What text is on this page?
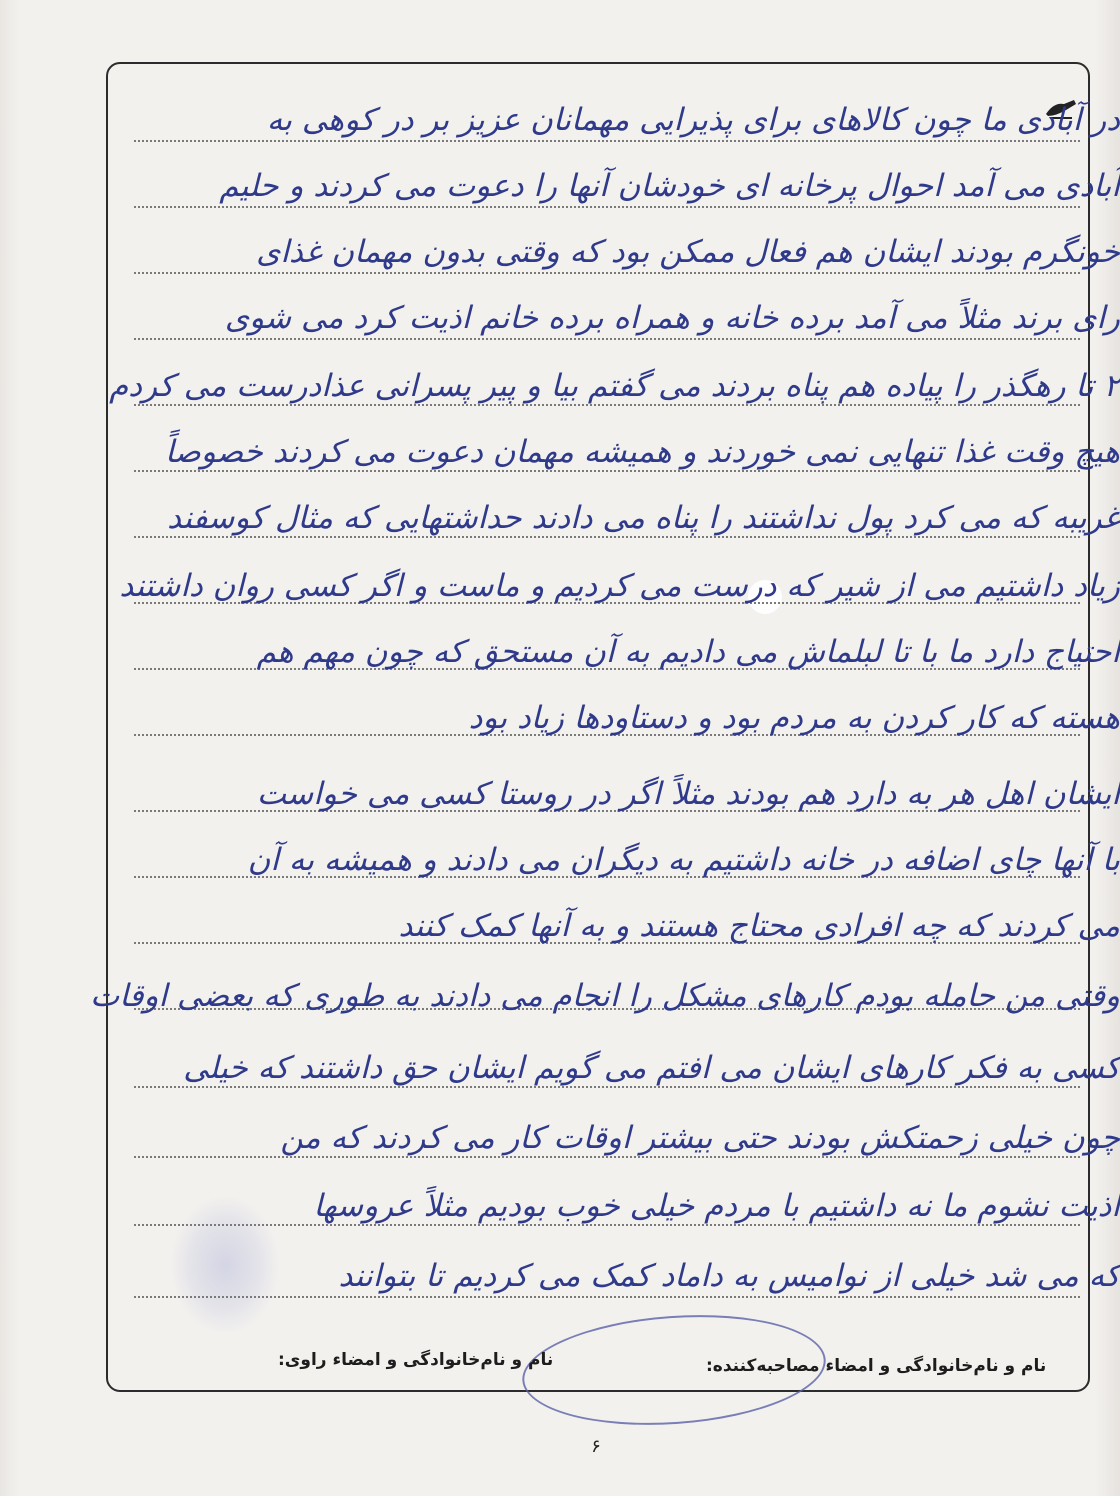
در آبادی ما چون کالاهای برای پذیرایی مهمانان عزیز بر در کوهی به
آبادی می آمد احوال پرخانه ای خودشان آنها را دعوت می کردند و حلیم
خونگرم بودند ایشان هم فعال ممکن بود که وقتی بدون مهمان غذای
رای برند مثلاً می آمد برده خانه و همراه برده خانم اذیت کرد می شوی
۲ تا رهگذر را پیاده هم پناه بردند می گفتم بیا و پیر پسرانی عذادرست می کردم
هیچ وقت غذا تنهایی نمی خوردند و همیشه مهمان دعوت می کردند خصوصاً
غریبه که می کرد پول نداشتند را پناه می دادند حداشتهایی که مثال کوسفند
زیاد داشتیم می از شیر که درست می کردیم و ماست و اگر کسی روان داشتند
احتیاج دارد ما با تا لبلماش می دادیم به آن مستحق که چون مهم هم
هسته که کار کردن به مردم بود و دستاودها زیاد بود
ایشان اهل هر به دارد هم بودند مثلاً اگر در روستا کسی می خواست
با آنها چای اضافه در خانه داشتیم به دیگران می دادند و همیشه به آن
می کردند که چه افرادی محتاج هستند و به آنها کمک کنند
وقتی من حامله بودم کارهای مشکل را انجام می دادند به طوری که بعضی اوقات
کسی به فکر کارهای ایشان می افتم می گویم ایشان حق داشتند که خیلی
چون خیلی زحمتکش بودند حتی بیشتر اوقات کار می کردند که من
اذیت نشوم ما نه داشتیم با مردم خیلی خوب بودیم مثلاً عروسها
که می شد خیلی از نوامیس به داماد کمک می کردیم تا بتوانند
نام و نام‌خانوادگی و امضاء مصاحبه‌کننده:
نام و نام‌خانوادگی و امضاء راوی:
۶
